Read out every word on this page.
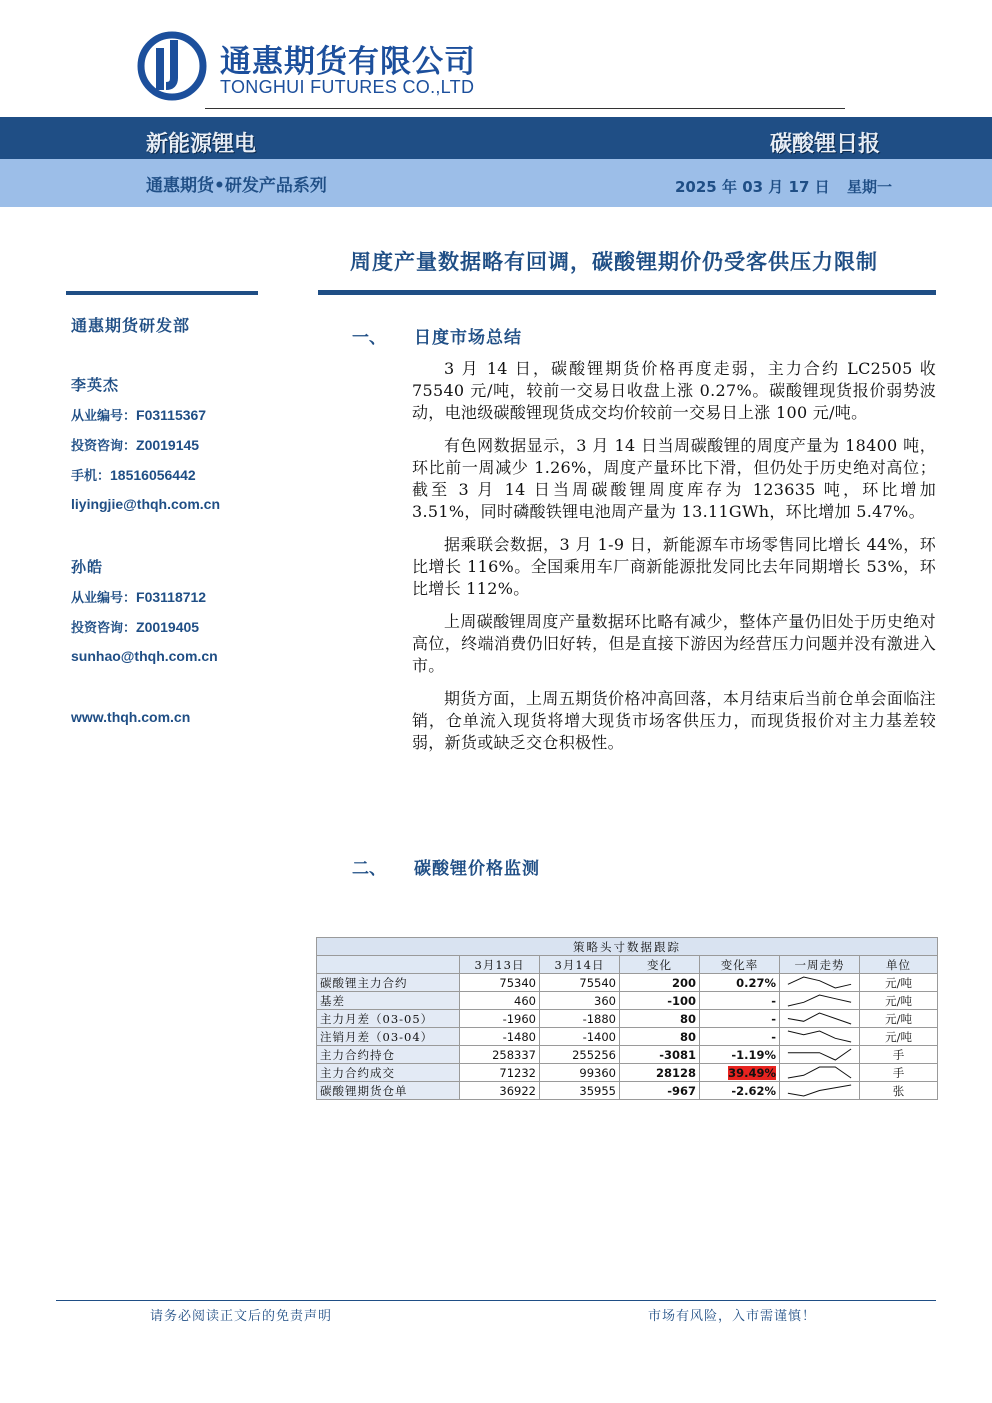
通惠期货有限公司
TONGHUI FUTURES CO.,LTD
新能源锂电	碳酸锂日报
通惠期货•研发产品系列	2025 年 03 月 17 日 星期一
周度产量数据略有回调，碳酸锂期价仍受客供压力限制
通惠期货研发部
李英杰
从业编号：F03115367
投资咨询：Z0019145
手机：18516056442
liyingjie@thqh.com.cn
孙皓
从业编号：F03118712
投资咨询：Z0019405
sunhao@thqh.com.cn
www.thqh.com.cn
一、 日度市场总结

3 月 14 日，碳酸锂期货价格再度走弱，主力合约 LC2505 收 75540 元/吨，较前一交易日收盘上涨 0.27%。碳酸锂现货报价弱势波动，电池级碳酸锂现货成交均价较前一交易日上涨 100 元/吨。

有色网数据显示，3 月 14 日当周碳酸锂的周度产量为 18400 吨，环比前一周减少 1.26%，周度产量环比下滑，但仍处于历史绝对高位；截至 3 月 14 日当周碳酸锂周度库存为 123635 吨，环比增加 3.51%，同时磷酸铁锂电池周产量为 13.11GWh，环比增加 5.47%。

据乘联会数据，3 月 1-9 日，新能源车市场零售同比增长 44%，环比增长 116%。全国乘用车厂商新能源批发同比去年同期增长 53%，环比增长 112%。

上周碳酸锂周度产量数据环比略有减少，整体产量仍旧处于历史绝对高位，终端消费仍旧好转，但是直接下游因为经营压力问题并没有激进入市。

期货方面，上周五期货价格冲高回落，本月结束后当前仓单会面临注销，仓单流入现货将增大现货市场客供压力，而现货报价对主力基差较弱，新货或缺乏交仓积极性。

二、 碳酸锂价格监测
策略头寸数据跟踪						
	3月13日	3月14日	变化	变化率	一周走势	单位
碳酸锂主力合约	75340	75540	200	0.27%		元/吨
基差	460	360	-100	-		元/吨
主力月差（03-05）	-1960	-1880	80	-		元/吨
注销月差（03-04）	-1480	-1400	80	-		元/吨
主力合约持仓	258337	255256	-3081	-1.19%		手
主力合约成交	71232	99360	28128	39.49%		手
碳酸锂期货仓单	36922	35955	-967	-2.62%		张
请务必阅读正文后的免责声明	市场有风险，入市需谨慎！
